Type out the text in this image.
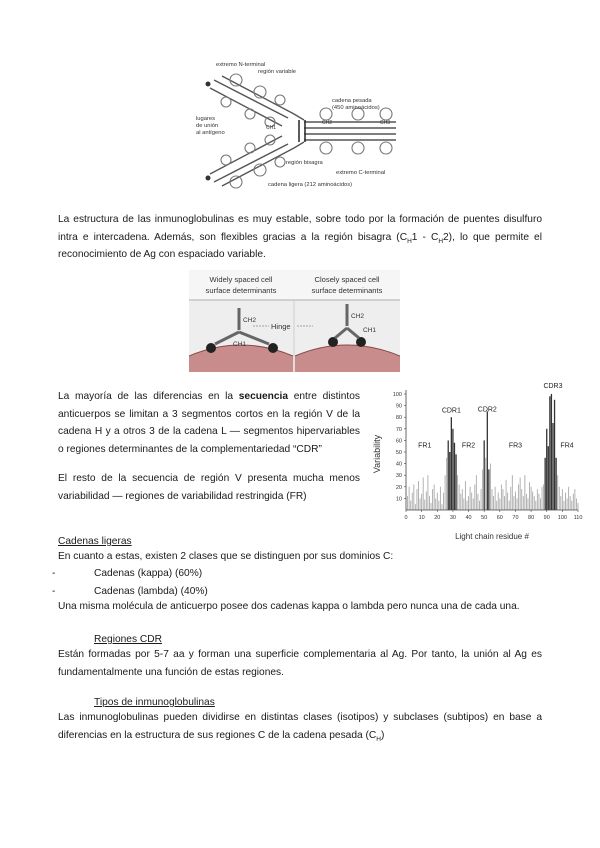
extremo N-terminal
región variable
cadena pesada
(450 aminoácidos)
lugares
de unión
al antígeno
región bisagra
extremo C-terminal
cadena ligera (212 aminoácidos)
CH1
CH2	CH3
La estructura de las inmunoglobulinas es muy estable, sobre todo por la formación de puentes disulfuro intra e intercadena. Además, son flexibles gracias a la región bisagra $(C_H1 - C_H2)$, lo que permite el reconocimiento de Ag con espaciado variable.
Widely spaced cell
surface determinants
Closely spaced cell
surface determinants
Hinge
CH2
CH1
CH2
CH1
La mayoría de las diferencias en la secuencia entre distintos anticuerpos se limitan a 3 segmentos cortos en la región V de la cadena H y a otros 3 de la cadena L — segmentos hipervariables o regiones determinantes de la complementariedad “CDR”
El resto de la secuencia de región V presenta mucha menos variabilidad — regiones de variabilidad restringida (FR)	10
20
30
40
50
60
70
80
90
100
0 10 20 30 40 50 60 70 80 90 100 110
CDR1 CDR2
CDR3
FR1	FR2	FR3	FR4
Light chain residue #
Variability
Cadenas ligeras
En cuanto a estas, existen 2 clases que se distinguen por sus dominios C:
-	Cadenas (kappa) (60%)
-	Cadenas (lambda) (40%)
Una misma molécula de anticuerpo posee dos cadenas kappa o lambda pero nunca una de cada una.
Regiones CDR
Están formadas por 5-7 aa y forman una superficie complementaria al Ag. Por tanto, la unión al Ag es fundamentalmente una función de estas regiones.
Tipos de inmunoglobulinas
Las inmunoglobulinas pueden dividirse en distintas clases (isotipos) y subclases (subtipos) en base a diferencias en la estructura de sus regiones C de la cadena pesada $(C_H)$
